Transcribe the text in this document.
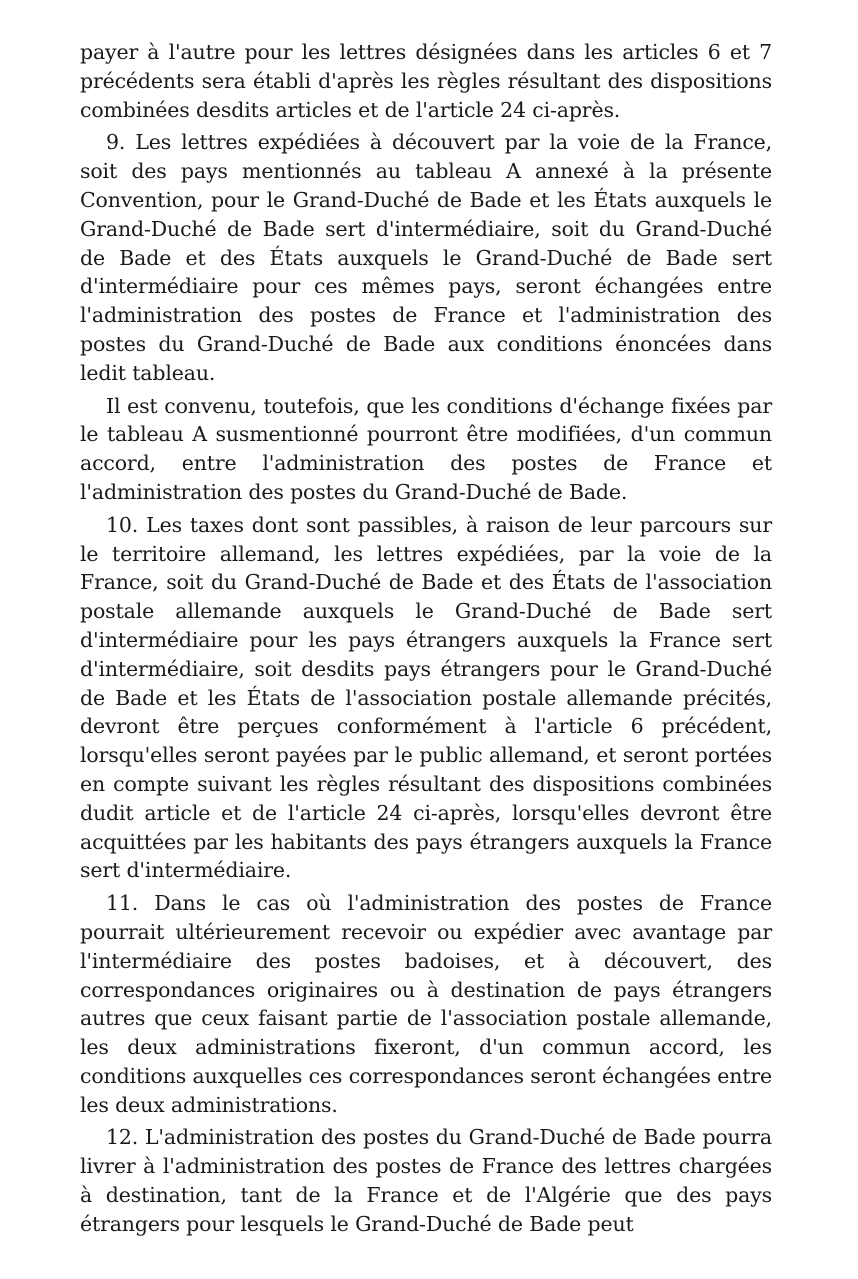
payer à l'autre pour les lettres désignées dans les articles 6 et 7 précédents sera établi d'après les règles résultant des dispositions combinées desdits articles et de l'article 24 ci-après.

9. Les lettres expédiées à découvert par la voie de la France, soit des pays mentionnés au tableau A annexé à la présente Convention, pour le Grand-Duché de Bade et les États auxquels le Grand-Duché de Bade sert d'intermédiaire, soit du Grand-Duché de Bade et des États auxquels le Grand-Duché de Bade sert d'intermédiaire pour ces mêmes pays, seront échangées entre l'administration des postes de France et l'administration des postes du Grand-Duché de Bade aux conditions énoncées dans ledit tableau.

Il est convenu, toutefois, que les conditions d'échange fixées par le tableau A susmentionné pourront être modifiées, d'un commun accord, entre l'administration des postes de France et l'administration des postes du Grand-Duché de Bade.

10. Les taxes dont sont passibles, à raison de leur parcours sur le territoire allemand, les lettres expédiées, par la voie de la France, soit du Grand-Duché de Bade et des États de l'association postale allemande auxquels le Grand-Duché de Bade sert d'intermédiaire pour les pays étrangers auxquels la France sert d'intermédiaire, soit desdits pays étrangers pour le Grand-Duché de Bade et les États de l'association postale allemande précités, devront être perçues conformément à l'article 6 précédent, lorsqu'elles seront payées par le public allemand, et seront portées en compte suivant les règles résultant des dispositions combinées dudit article et de l'article 24 ci-après, lorsqu'elles devront être acquittées par les habitants des pays étrangers auxquels la France sert d'intermédiaire.

11. Dans le cas où l'administration des postes de France pourrait ultérieurement recevoir ou expédier avec avantage par l'intermédiaire des postes badoises, et à découvert, des correspondances originaires ou à destination de pays étrangers autres que ceux faisant partie de l'association postale allemande, les deux administrations fixeront, d'un commun accord, les conditions auxquelles ces correspondances seront échangées entre les deux administrations.

12. L'administration des postes du Grand-Duché de Bade pourra livrer à l'administration des postes de France des lettres chargées à destination, tant de la France et de l'Algérie que des pays étrangers pour lesquels le Grand-Duché de Bade peut
